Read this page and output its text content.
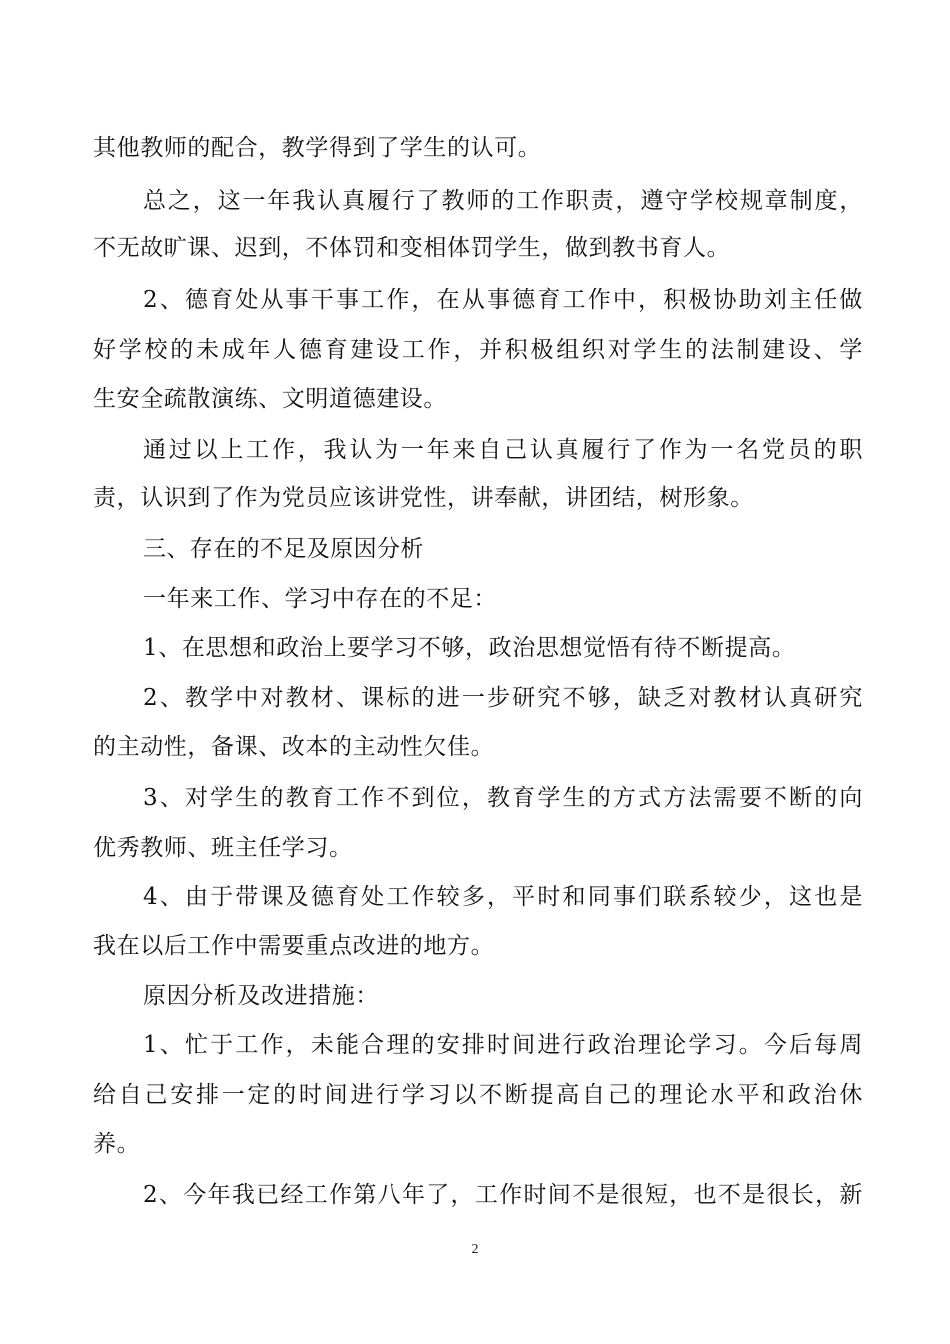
其他教师的配合，教学得到了学生的认可。
总之，这一年我认真履行了教师的工作职责，遵守学校规章制度，
不无故旷课、迟到，不体罚和变相体罚学生，做到教书育人。
2、德育处从事干事工作，在从事德育工作中，积极协助刘主任做
好学校的未成年人德育建设工作，并积极组织对学生的法制建设、学
生安全疏散演练、文明道德建设。
通过以上工作，我认为一年来自己认真履行了作为一名党员的职
责，认识到了作为党员应该讲党性，讲奉献，讲团结，树形象。
三、存在的不足及原因分析
一年来工作、学习中存在的不足：
1、在思想和政治上要学习不够，政治思想觉悟有待不断提高。
2、教学中对教材、课标的进一步研究不够，缺乏对教材认真研究
的主动性，备课、改本的主动性欠佳。
3、对学生的教育工作不到位，教育学生的方式方法需要不断的向
优秀教师、班主任学习。
4、由于带课及德育处工作较多，平时和同事们联系较少，这也是
我在以后工作中需要重点改进的地方。
原因分析及改进措施：
1、忙于工作，未能合理的安排时间进行政治理论学习。今后每周
给自己安排一定的时间进行学习以不断提高自己的理论水平和政治休
养。
2、今年我已经工作第八年了，工作时间不是很短，也不是很长，新
2
